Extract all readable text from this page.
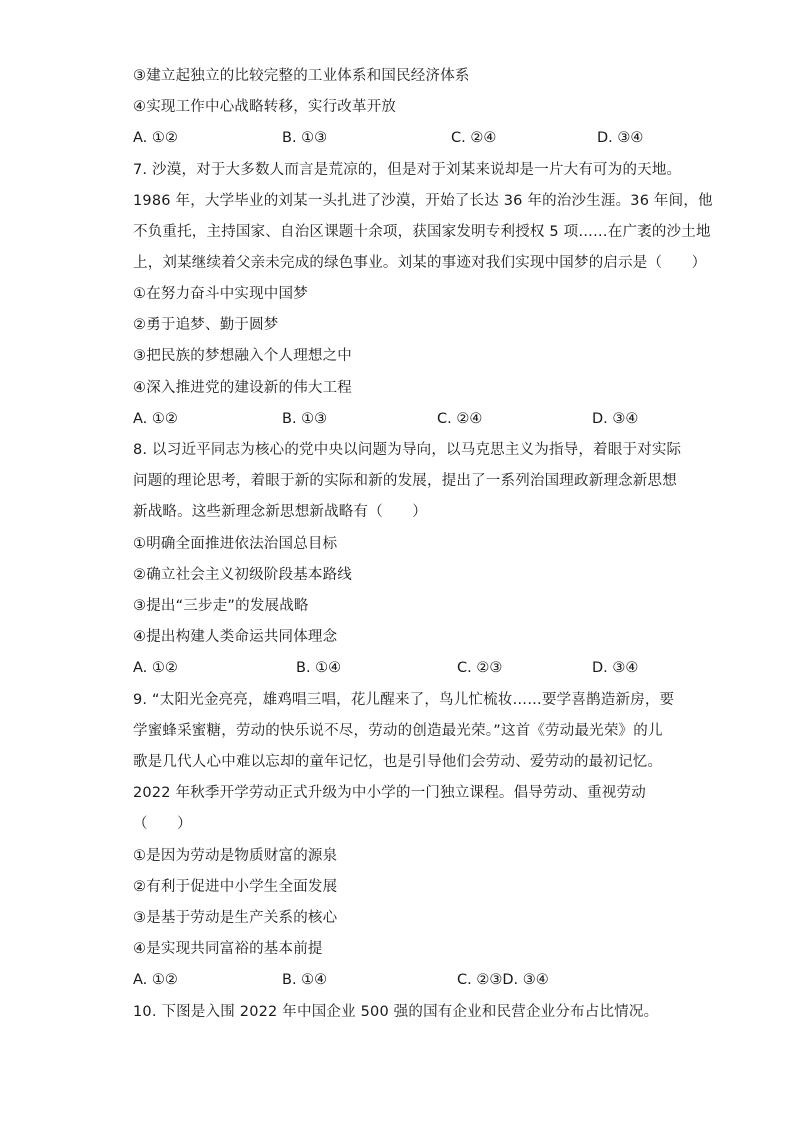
③建立起独立的比较完整的工业体系和国民经济体系
④实现工作中心战略转移，实行改革开放
A. ①②	B. ①③	C. ②④	D. ③④
7. 沙漠，对于大多数人而言是荒凉的，但是对于刘某来说却是一片大有可为的天地。
1986 年，大学毕业的刘某一头扎进了沙漠，开始了长达 36 年的治沙生涯。36 年间，他
不负重托，主持国家、自治区课题十余项，获国家发明专利授权 5 项……在广袤的沙土地
上，刘某继续着父亲未完成的绿色事业。刘某的事迹对我们实现中国梦的启示是（　　）
①在努力奋斗中实现中国梦
②勇于追梦、勤于圆梦
③把民族的梦想融入个人理想之中
④深入推进党的建设新的伟大工程
A. ①②	B. ①③	C. ②④	D. ③④
8. 以习近平同志为核心的党中央以问题为导向，以马克思主义为指导，着眼于对实际
问题的理论思考，着眼于新的实际和新的发展，提出了一系列治国理政新理念新思想
新战略。这些新理念新思想新战略有（　　）
①明确全面推进依法治国总目标
②确立社会主义初级阶段基本路线
③提出“三步走”的发展战略
④提出构建人类命运共同体理念
A. ①②	B. ①④	C. ②③	D. ③④
9. “太阳光金亮亮，雄鸡唱三唱，花儿醒来了，鸟儿忙梳妆……要学喜鹊造新房，要
学蜜蜂采蜜糖，劳动的快乐说不尽，劳动的创造最光荣。”这首《劳动最光荣》的儿
歌是几代人心中难以忘却的童年记忆，也是引导他们会劳动、爱劳动的最初记忆。
2022 年秋季开学劳动正式升级为中小学的一门独立课程。倡导劳动、重视劳动
（　　）
①是因为劳动是物质财富的源泉
②有利于促进中小学生全面发展
③是基于劳动是生产关系的核心
④是实现共同富裕的基本前提
A. ①②	B. ①④	C. ②③D. ③④
10. 下图是入围 2022 年中国企业 500 强的国有企业和民营企业分布占比情况。
